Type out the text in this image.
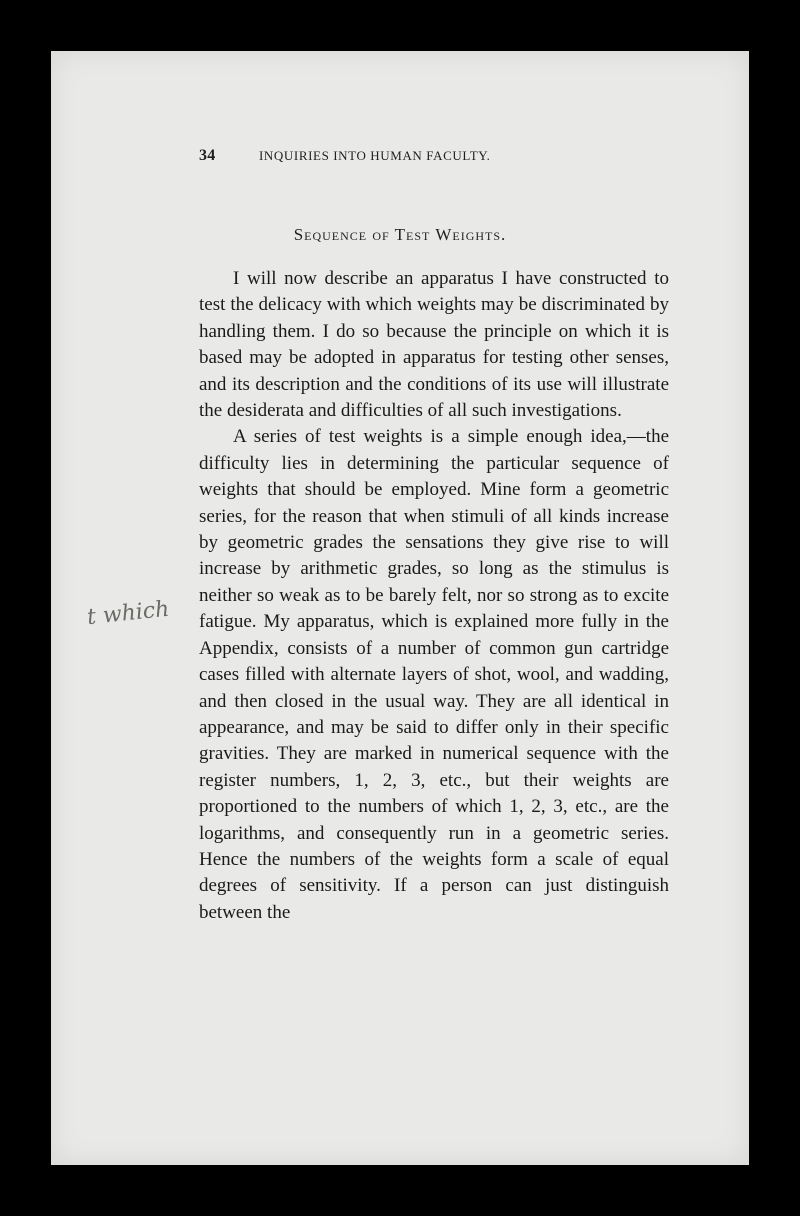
34	INQUIRIES INTO HUMAN FACULTY.
Sequence of Test Weights.

I will now describe an apparatus I have constructed to test the delicacy with which weights may be discriminated by handling them. I do so because the principle on which it is based may be adopted in apparatus for testing other senses, and its description and the conditions of its use will illustrate the desiderata and difficulties of all such investigations.

A series of test weights is a simple enough idea,—the difficulty lies in determining the particular sequence of weights that should be employed. Mine form a geometric series, for the reason that when stimuli of all kinds increase by geometric grades the sensations they give rise to will increase by arithmetic grades, so long as the stimulus is neither so weak as to be barely felt, nor so strong as to excite fatigue. My apparatus, which is explained more fully in the Appendix, consists of a number of common gun cartridge cases filled with alternate layers of shot, wool, and wadding, and then closed in the usual way. They are all identical in appearance, and may be said to differ only in their specific gravities. They are marked in numerical sequence with the register numbers, 1, 2, 3, etc., but their weights are proportioned to the numbers of which 1, 2, 3, etc., are the logarithms, and consequently run in a geometric series. Hence the numbers of the weights form a scale of equal degrees of sensitivity. If a person can just distinguish between the

t which
